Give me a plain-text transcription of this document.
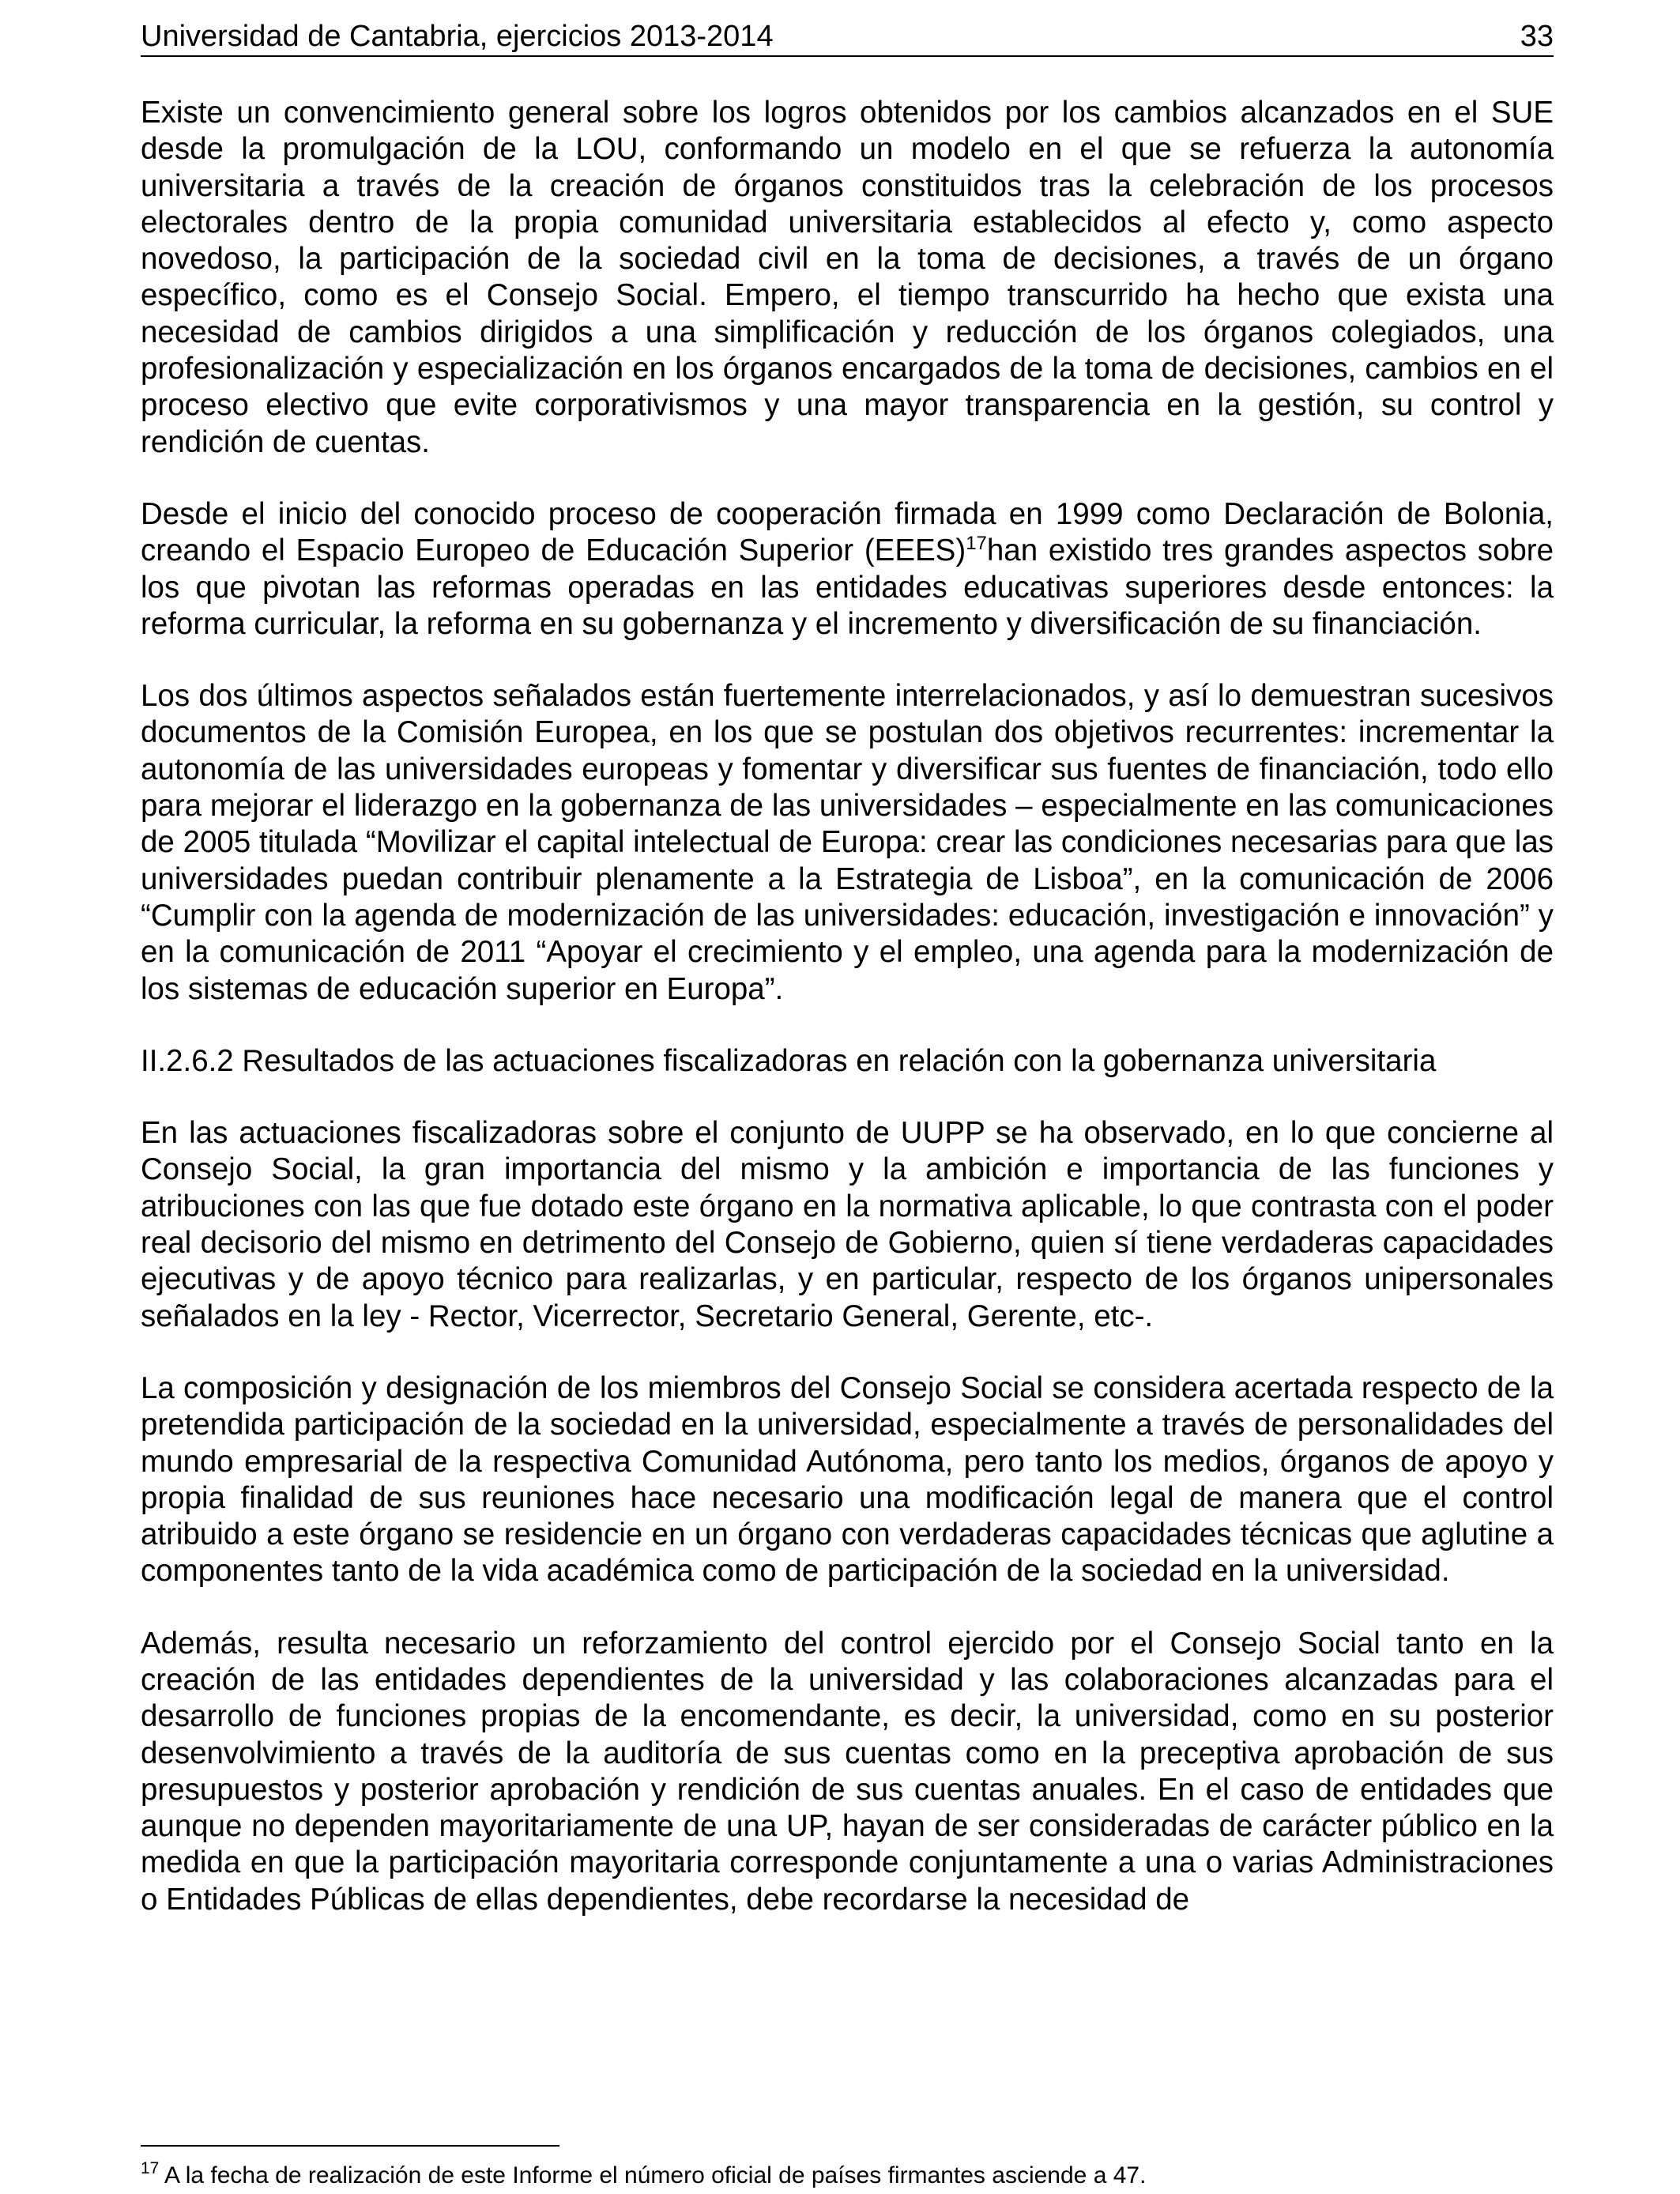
Universidad de Cantabria, ejercicios 2013-2014	33

Existe un convencimiento general sobre los logros obtenidos por los cambios alcanzados en el SUE desde la promulgación de la LOU, conformando un modelo en el que se refuerza la autonomía universitaria a través de la creación de órganos constituidos tras la celebración de los procesos electorales dentro de la propia comunidad universitaria establecidos al efecto y, como aspecto novedoso, la participación de la sociedad civil en la toma de decisiones, a través de un órgano específico, como es el Consejo Social. Empero, el tiempo transcurrido ha hecho que exista una necesidad de cambios dirigidos a una simplificación y reducción de los órganos colegiados, una profesionalización y especialización en los órganos encargados de la toma de decisiones, cambios en el proceso electivo que evite corporativismos y una mayor transparencia en la gestión, su control y rendición de cuentas.

Desde el inicio del conocido proceso de cooperación firmada en 1999 como Declaración de Bolonia, creando el Espacio Europeo de Educación Superior (EEES)$^{17}$han existido tres grandes aspectos sobre los que pivotan las reformas operadas en las entidades educativas superiores desde entonces: la reforma curricular, la reforma en su gobernanza y el incremento y diversificación de su financiación.

Los dos últimos aspectos señalados están fuertemente interrelacionados, y así lo demuestran sucesivos documentos de la Comisión Europea, en los que se postulan dos objetivos recurrentes: incrementar la autonomía de las universidades europeas y fomentar y diversificar sus fuentes de financiación, todo ello para mejorar el liderazgo en la gobernanza de las universidades – especialmente en las comunicaciones de 2005 titulada “Movilizar el capital intelectual de Europa: crear las condiciones necesarias para que las universidades puedan contribuir plenamente a la Estrategia de Lisboa”, en la comunicación de 2006 “Cumplir con la agenda de modernización de las universidades: educación, investigación e innovación” y en la comunicación de 2011 “Apoyar el crecimiento y el empleo, una agenda para la modernización de los sistemas de educación superior en Europa”.

II.2.6.2 Resultados de las actuaciones fiscalizadoras en relación con la gobernanza universitaria

En las actuaciones fiscalizadoras sobre el conjunto de UUPP se ha observado, en lo que concierne al Consejo Social, la gran importancia del mismo y la ambición e importancia de las funciones y atribuciones con las que fue dotado este órgano en la normativa aplicable, lo que contrasta con el poder real decisorio del mismo en detrimento del Consejo de Gobierno, quien sí tiene verdaderas capacidades ejecutivas y de apoyo técnico para realizarlas, y en particular, respecto de los órganos unipersonales señalados en la ley - Rector, Vicerrector, Secretario General, Gerente, etc-.

La composición y designación de los miembros del Consejo Social se considera acertada respecto de la pretendida participación de la sociedad en la universidad, especialmente a través de personalidades del mundo empresarial de la respectiva Comunidad Autónoma, pero tanto los medios, órganos de apoyo y propia finalidad de sus reuniones hace necesario una modificación legal de manera que el control atribuido a este órgano se residencie en un órgano con verdaderas capacidades técnicas que aglutine a componentes tanto de la vida académica como de participación de la sociedad en la universidad.

Además, resulta necesario un reforzamiento del control ejercido por el Consejo Social tanto en la creación de las entidades dependientes de la universidad y las colaboraciones alcanzadas para el desarrollo de funciones propias de la encomendante, es decir, la universidad, como en su posterior desenvolvimiento a través de la auditoría de sus cuentas como en la preceptiva aprobación de sus presupuestos y posterior aprobación y rendición de sus cuentas anuales. En el caso de entidades que aunque no dependen mayoritariamente de una UP, hayan de ser consideradas de carácter público en la medida en que la participación mayoritaria corresponde conjuntamente a una o varias Administraciones o Entidades Públicas de ellas dependientes, debe recordarse la necesidad de

$^{17}$ A la fecha de realización de este Informe el número oficial de países firmantes asciende a 47.
